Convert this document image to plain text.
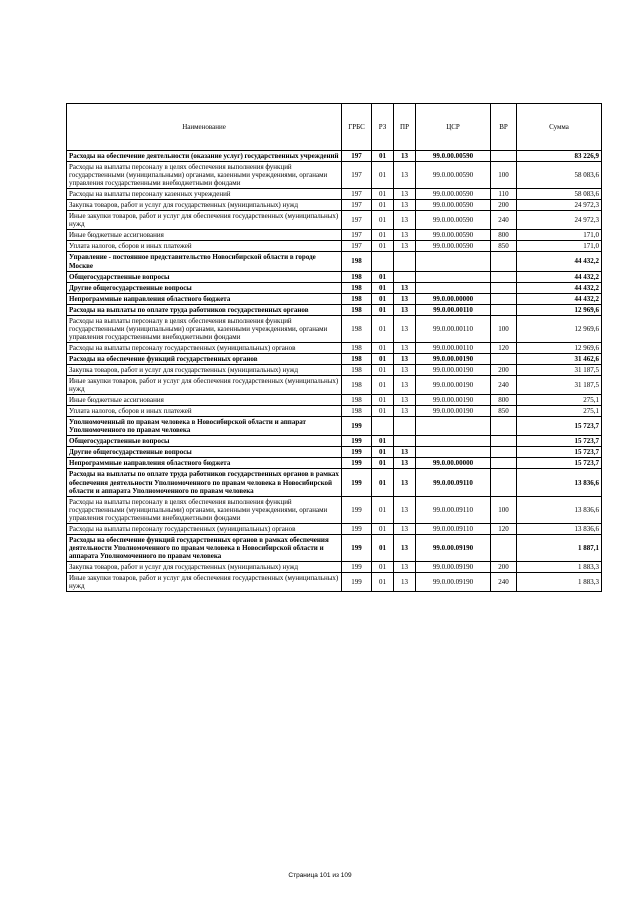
Наименование	ГРБС	РЗ	ПР	ЦСР	ВР	Сумма
Расходы на обеспечение деятельности (оказание услуг) государственных учреждений	197	01	13	99.0.00.00590		83 226,9
Расходы на выплаты персоналу в целях обеспечения выполнения функций государственными (муниципальными) органами, казенными учреждениями, органами управления государственными внебюджетными фондами	197	01	13	99.0.00.00590	100	58 083,6
Расходы на выплаты персоналу казенных учреждений	197	01	13	99.0.00.00590	110	58 083,6
Закупка товаров, работ и услуг для государственных (муниципальных) нужд	197	01	13	99.0.00.00590	200	24 972,3
Иные закупки товаров, работ и услуг для обеспечения государственных (муниципальных) нужд	197	01	13	99.0.00.00590	240	24 972,3
Иные бюджетные ассигнования	197	01	13	99.0.00.00590	800	171,0
Уплата налогов, сборов и иных платежей	197	01	13	99.0.00.00590	850	171,0
Управление - постоянное представительство Новосибирской области в городе Москве	198					44 432,2
Общегосударственные вопросы	198	01				44 432,2
Другие общегосударственные вопросы	198	01	13			44 432,2
Непрограммные направления областного бюджета	198	01	13	99.0.00.00000		44 432,2
Расходы на выплаты по оплате труда работников государственных органов	198	01	13	99.0.00.00110		12 969,6
Расходы на выплаты персоналу в целях обеспечения выполнения функций государственными (муниципальными) органами, казенными учреждениями, органами управления государственными внебюджетными фондами	198	01	13	99.0.00.00110	100	12 969,6
Расходы на выплаты персоналу государственных (муниципальных) органов	198	01	13	99.0.00.00110	120	12 969,6
Расходы на обеспечение функций государственных органов	198	01	13	99.0.00.00190		31 462,6
Закупка товаров, работ и услуг для государственных (муниципальных) нужд	198	01	13	99.0.00.00190	200	31 187,5
Иные закупки товаров, работ и услуг для обеспечения государственных (муниципальных) нужд	198	01	13	99.0.00.00190	240	31 187,5
Иные бюджетные ассигнования	198	01	13	99.0.00.00190	800	275,1
Уплата налогов, сборов и иных платежей	198	01	13	99.0.00.00190	850	275,1
Уполномоченный по правам человека в Новосибирской области и аппарат Уполномоченного по правам человека	199					15 723,7
Общегосударственные вопросы	199	01				15 723,7
Другие общегосударственные вопросы	199	01	13			15 723,7
Непрограммные направления областного бюджета	199	01	13	99.0.00.00000		15 723,7
Расходы на выплаты по оплате труда работников государственных органов в рамках обеспечения деятельности Уполномоченного по правам человека в Новосибирской области и аппарата Уполномоченного по правам человека	199	01	13	99.0.00.09110		13 836,6
Расходы на выплаты персоналу в целях обеспечения выполнения функций государственными (муниципальными) органами, казенными учреждениями, органами управления государственными внебюджетными фондами	199	01	13	99.0.00.09110	100	13 836,6
Расходы на выплаты персоналу государственных (муниципальных) органов	199	01	13	99.0.00.09110	120	13 836,6
Расходы на обеспечение функций государственных органов в рамках обеспечения деятельности Уполномоченного по правам человека в Новосибирской области и аппарата Уполномоченного по правам человека	199	01	13	99.0.00.09190		1 887,1
Закупка товаров, работ и услуг для государственных (муниципальных) нужд	199	01	13	99.0.00.09190	200	1 883,3
Иные закупки товаров, работ и услуг для обеспечения государственных (муниципальных) нужд	199	01	13	99.0.00.09190	240	1 883,3
Страница 101 из 109
